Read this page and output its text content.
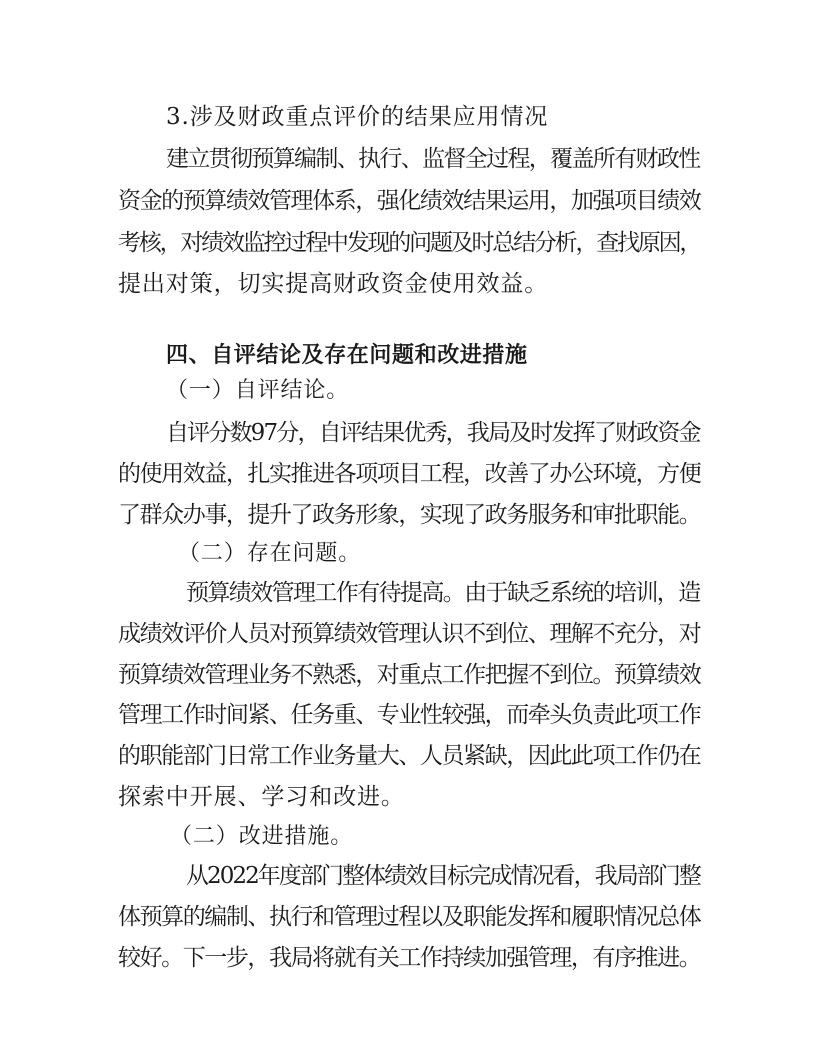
3.涉及财政重点评价的结果应用情况
建立贯彻预算编制、执行、监督全过程，覆盖所有财政性
资金的预算绩效管理体系，强化绩效结果运用，加强项目绩效
考核，对绩效监控过程中发现的问题及时总结分析，查找原因，
提出对策，切实提高财政资金使用效益。
四、自评结论及存在问题和改进措施
（一）自评结论。
自评分数97分，自评结果优秀，我局及时发挥了财政资金
的使用效益，扎实推进各项项目工程，改善了办公环境，方便
了群众办事，提升了政务形象，实现了政务服务和审批职能。
（二）存在问题。
预算绩效管理工作有待提高。由于缺乏系统的培训，造
成绩效评价人员对预算绩效管理认识不到位、理解不充分，对
预算绩效管理业务不熟悉，对重点工作把握不到位。预算绩效
管理工作时间紧、任务重、专业性较强，而牵头负责此项工作
的职能部门日常工作业务量大、人员紧缺，因此此项工作仍在
探索中开展、学习和改进。
（二）改进措施。
从2022年度部门整体绩效目标完成情况看，我局部门整
体预算的编制、执行和管理过程以及职能发挥和履职情况总体
较好。下一步，我局将就有关工作持续加强管理，有序推进。
